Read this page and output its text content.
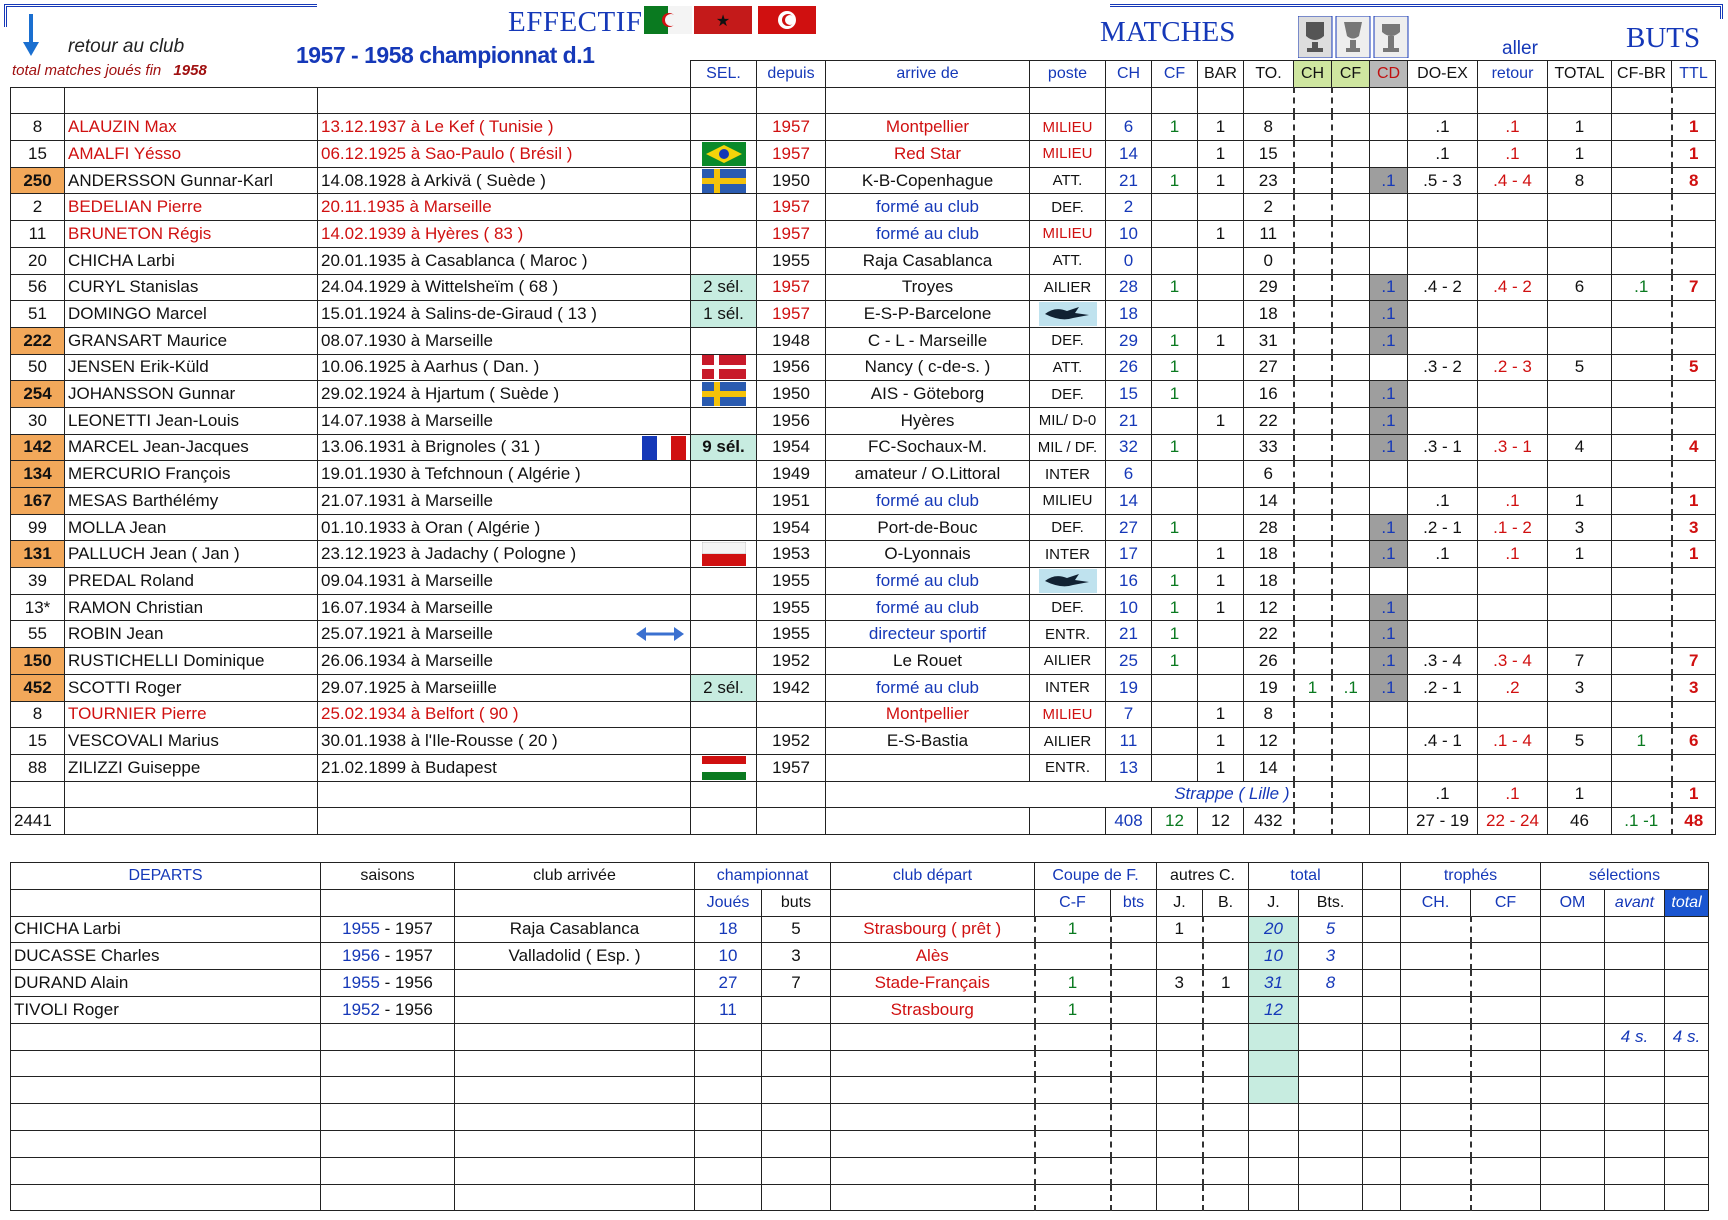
retour au club
total matches joués fin 1958
EFFECTIF
1957 - 1958 championnat d.1
★	MATCHES
aller	BUTS
			SEL.	depuis	arrive de	poste	CH	CF	BAR	TO.	CH	CF	CD	DO-EX	retour	TOTAL	CF-BR	TTL

8	ALAUZIN Max	13.12.1937 à Le Kef ( Tunisie )		1957	Montpellier	MILIEU	6	1	1	8				.1	.1	1		1
15	AMALFI Yésso	06.12.1925 à Sao-Paulo ( Brésil )		1957	Red Star	MILIEU	14		1	15				.1	.1	1		1
250	ANDERSSON Gunnar-Karl	14.08.1928 à Arkivä ( Suède )		1950	K-B-Copenhague	ATT.	21	1	1	23			.1	.5 - 3	.4 - 4	8		8
2	BEDELIAN Pierre	20.11.1935 à Marseille		1957	formé au club	DEF.	2			2								
11	BRUNETON Régis	14.02.1939 à Hyères ( 83 )		1957	formé au club	MILIEU	10		1	11								
20	CHICHA Larbi	20.01.1935 à Casablanca ( Maroc )		1955	Raja Casablanca	ATT.	0			0								
56	CURYL Stanislas	24.04.1929 à Wittelsheïm ( 68 )	2 sél.	1957	Troyes	AILIER	28	1		29			.1	.4 - 2	.4 - 2	6	.1	7
51	DOMINGO Marcel	15.01.1924 à Salins-de-Giraud ( 13 )	1 sél.	1957	E-S-P-Barcelone		18			18			.1					
222	GRANSART Maurice	08.07.1930 à Marseille		1948	C - L - Marseille	DEF.	29	1	1	31			.1					
50	JENSEN Erik-Küld	10.06.1925 à Aarhus ( Dan. )		1956	Nancy ( c-de-s. )	ATT.	26	1		27				.3 - 2	.2 - 3	5		5
254	JOHANSSON Gunnar	29.02.1924 à Hjartum ( Suède )		1950	AIS - Göteborg	DEF.	15	1		16			.1					
30	LEONETTI Jean-Louis	14.07.1938 à Marseille		1956	Hyères	MIL/ D-0	21		1	22			.1					
142	MARCEL Jean-Jacques	13.06.1931 à Brignoles ( 31 )	9 sél.	1954	FC-Sochaux-M.	MIL / DF.	32	1		33			.1	.3 - 1	.3 - 1	4		4
134	MERCURIO François	19.01.1930 à Tefchnoun ( Algérie )		1949	amateur / O.Littoral	INTER	6			6								
167	MESAS Barthélémy	21.07.1931 à Marseille		1951	formé au club	MILIEU	14			14				.1	.1	1		1
99	MOLLA Jean	01.10.1933 à Oran ( Algérie )		1954	Port-de-Bouc	DEF.	27	1		28			.1	.2 - 1	.1 - 2	3		3
131	PALLUCH Jean ( Jan )	23.12.1923 à Jadachy ( Pologne )		1953	O-Lyonnais	INTER	17		1	18			.1	.1	.1	1		1
39	PREDAL Roland	09.04.1931 à Marseille		1955	formé au club		16	1	1	18								
13*	RAMON Christian	16.07.1934 à Marseille		1955	formé au club	DEF.	10	1	1	12			.1					
55	ROBIN Jean	25.07.1921 à Marseille		1955	directeur sportif	ENTR.	21	1		22			.1					
150	RUSTICHELLI Dominique	26.06.1934 à Marseille		1952	Le Rouet	AILIER	25	1		26			.1	.3 - 4	.3 - 4	7		7
452	SCOTTI Roger	29.07.1925 à Marseiille	2 sél.	1942	formé au club	INTER	19			19	1	.1	.1	.2 - 1	.2	3		3
8	TOURNIER Pierre	25.02.1934 à Belfort ( 90 )			Montpellier	MILIEU	7		1	8								
15	VESCOVALI Marius	30.01.1938 à l'Ile-Rousse ( 20 )		1952	E-S-Bastia	AILIER	11		1	12				.4 - 1	.1 - 4	5	1	6
88	ZILIZZI Guiseppe	21.02.1899 à Budapest		1957		ENTR.	13		1	14								
					Strappe ( Lille )									.1	.1	1		1
2441							408	12	12	432				27 - 19	22 - 24	46	.1 -1	48
DEPARTS	saisons	club arrivée	championnat		club départ	Coupe de F.		autres C.		total			trophés		sélections		
			Joués	buts		C-F	bts	J.	B.	J.	Bts.		CH.	CF	OM	avant	total
CHICHA Larbi	1955 - 1957	Raja Casablanca	18	5	Strasbourg ( prêt )	1		1		20	5						
DUCASSE Charles	1956 - 1957	Valladolid ( Esp. )	10	3	Alès					10	3						
DURAND Alain	1955 - 1956		27	7	Stade-Français	1		3	1	31	8						
TIVOLI Roger	1952 - 1956		11		Strasbourg	1				12							
																4 s.	4 s.
